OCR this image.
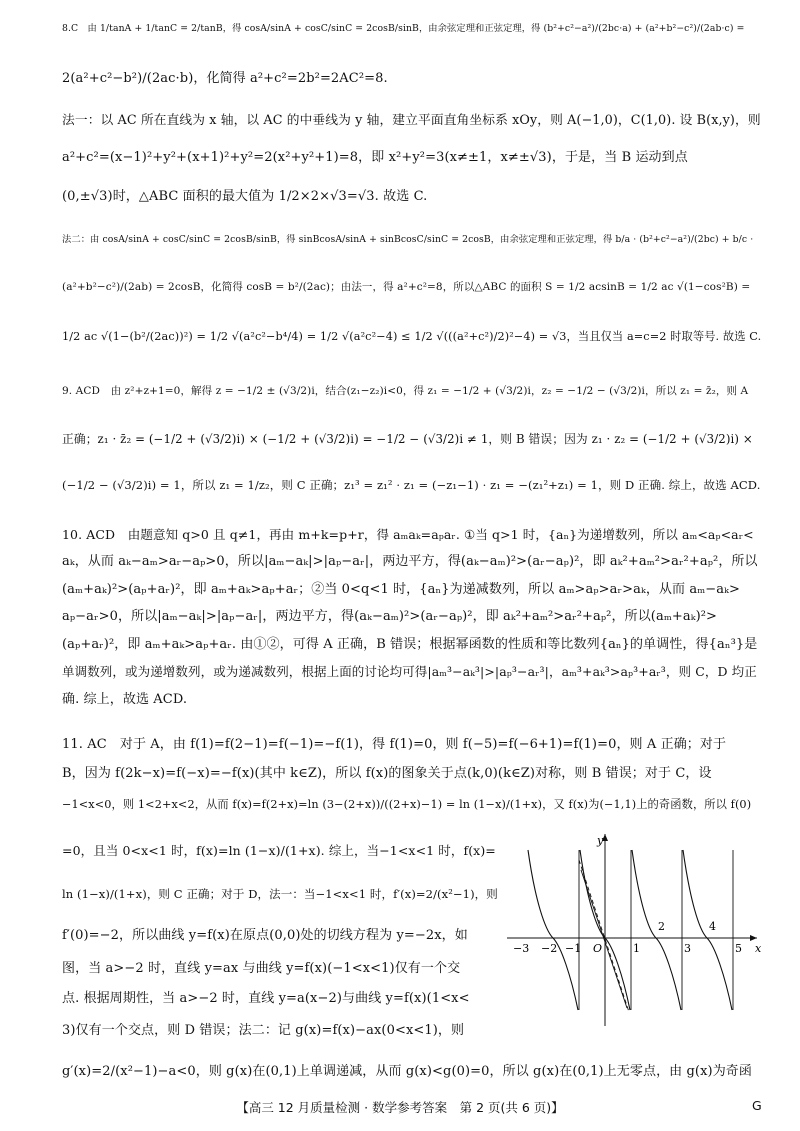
8.C　由 1/tanA + 1/tanC = 2/tanB，得 cosA/sinA + cosC/sinC = 2cosB/sinB，由余弦定理和正弦定理，得 (b²+c²−a²)/(2bc·a) + (a²+b²−c²)/(2ab·c) =
2(a²+c²−b²)/(2ac·b)，化简得 a²+c²=2b²=2AC²=8.
法一：以 AC 所在直线为 x 轴，以 AC 的中垂线为 y 轴，建立平面直角坐标系 xOy，则 A(−1,0)，C(1,0). 设 B(x,y)，则
a²+c²=(x−1)²+y²+(x+1)²+y²=2(x²+y²+1)=8，即 x²+y²=3(x≠±1，x≠±√3)，于是，当 B 运动到点
(0,±√3)时，△ABC 面积的最大值为 1/2×2×√3=√3. 故选 C.
法二：由 cosA/sinA + cosC/sinC = 2cosB/sinB，得 sinBcosA/sinA + sinBcosC/sinC = 2cosB，由余弦定理和正弦定理，得 b/a · (b²+c²−a²)/(2bc) + b/c ·
(a²+b²−c²)/(2ab) = 2cosB，化简得 cosB = b²/(2ac)；由法一，得 a²+c²=8，所以△ABC 的面积 S = 1/2 acsinB = 1/2 ac √(1−cos²B) =
1/2 ac √(1−(b²/(2ac))²) = 1/2 √(a²c²−b⁴/4) = 1/2 √(a²c²−4) ≤ 1/2 √(((a²+c²)/2)²−4) = √3，当且仅当 a=c=2 时取等号. 故选 C.
9. ACD　由 z²+z+1=0，解得 z = −1/2 ± (√3/2)i，结合(z₁−z₂)i<0，得 z₁ = −1/2 + (√3/2)i，z₂ = −1/2 − (√3/2)i，所以 z₁ = z̄₂，则 A
正确；z₁ · z̄₂ = (−1/2 + (√3/2)i) × (−1/2 + (√3/2)i) = −1/2 − (√3/2)i ≠ 1，则 B 错误；因为 z₁ · z₂ = (−1/2 + (√3/2)i) ×
(−1/2 − (√3/2)i) = 1，所以 z₁ = 1/z₂，则 C 正确；z₁³ = z₁² · z₁ = (−z₁−1) · z₁ = −(z₁²+z₁) = 1，则 D 正确. 综上，故选 ACD.
10. ACD　由题意知 q>0 且 q≠1，再由 m+k=p+r，得 aₘaₖ=aₚaᵣ. ①当 q>1 时，{aₙ}为递增数列，所以 aₘ<aₚ<aᵣ<
aₖ，从而 aₖ−aₘ>aᵣ−aₚ>0，所以|aₘ−aₖ|>|aₚ−aᵣ|，两边平方，得(aₖ−aₘ)²>(aᵣ−aₚ)²，即 aₖ²+aₘ²>aᵣ²+aₚ²，所以
(aₘ+aₖ)²>(aₚ+aᵣ)²，即 aₘ+aₖ>aₚ+aᵣ；②当 0<q<1 时，{aₙ}为递减数列，所以 aₘ>aₚ>aᵣ>aₖ，从而 aₘ−aₖ>
aₚ−aᵣ>0，所以|aₘ−aₖ|>|aₚ−aᵣ|，两边平方，得(aₖ−aₘ)²>(aᵣ−aₚ)²，即 aₖ²+aₘ²>aᵣ²+aₚ²，所以(aₘ+aₖ)²>
(aₚ+aᵣ)²，即 aₘ+aₖ>aₚ+aᵣ. 由①②，可得 A 正确，B 错误；根据幂函数的性质和等比数列{aₙ}的单调性，得{aₙ³}是
单调数列，或为递增数列，或为递减数列，根据上面的讨论均可得|aₘ³−aₖ³|>|aₚ³−aᵣ³|，aₘ³+aₖ³>aₚ³+aᵣ³，则 C，D 均正
确. 综上，故选 ACD.
11. AC　对于 A，由 f(1)=f(2−1)=f(−1)=−f(1)，得 f(1)=0，则 f(−5)=f(−6+1)=f(1)=0，则 A 正确；对于
B，因为 f(2k−x)=f(−x)=−f(x)(其中 k∈Z)，所以 f(x)的图象关于点(k,0)(k∈Z)对称，则 B 错误；对于 C，设
−1<x<0，则 1<2+x<2，从而 f(x)=f(2+x)=ln (3−(2+x))/((2+x)−1) = ln (1−x)/(1+x)，又 f(x)为(−1,1)上的奇函数，所以 f(0)
=0，且当 0<x<1 时，f(x)=ln (1−x)/(1+x). 综上，当−1<x<1 时，f(x)=
ln (1−x)/(1+x)，则 C 正确；对于 D，法一：当−1<x<1 时，f′(x)=2/(x²−1)，则
f′(0)=−2，所以曲线 y=f(x)在原点(0,0)处的切线方程为 y=−2x，如
图，当 a>−2 时，直线 y=ax 与曲线 y=f(x)(−1<x<1)仅有一个交
点. 根据周期性，当 a>−2 时，直线 y=a(x−2)与曲线 y=f(x)(1<x<
3)仅有一个交点，则 D 错误；法二：记 g(x)=f(x)−ax(0<x<1)，则
g′(x)=2/(x²−1)−a<0，则 g(x)在(0,1)上单调递减，从而 g(x)<g(0)=0，所以 g(x)在(0,1)上无零点，由 g(x)为奇函
−3 −2 −1 O	1
2
3
4
5 x
y
【高三 12 月质量检测 · 数学参考答案　第 2 页(共 6 页)】	G
